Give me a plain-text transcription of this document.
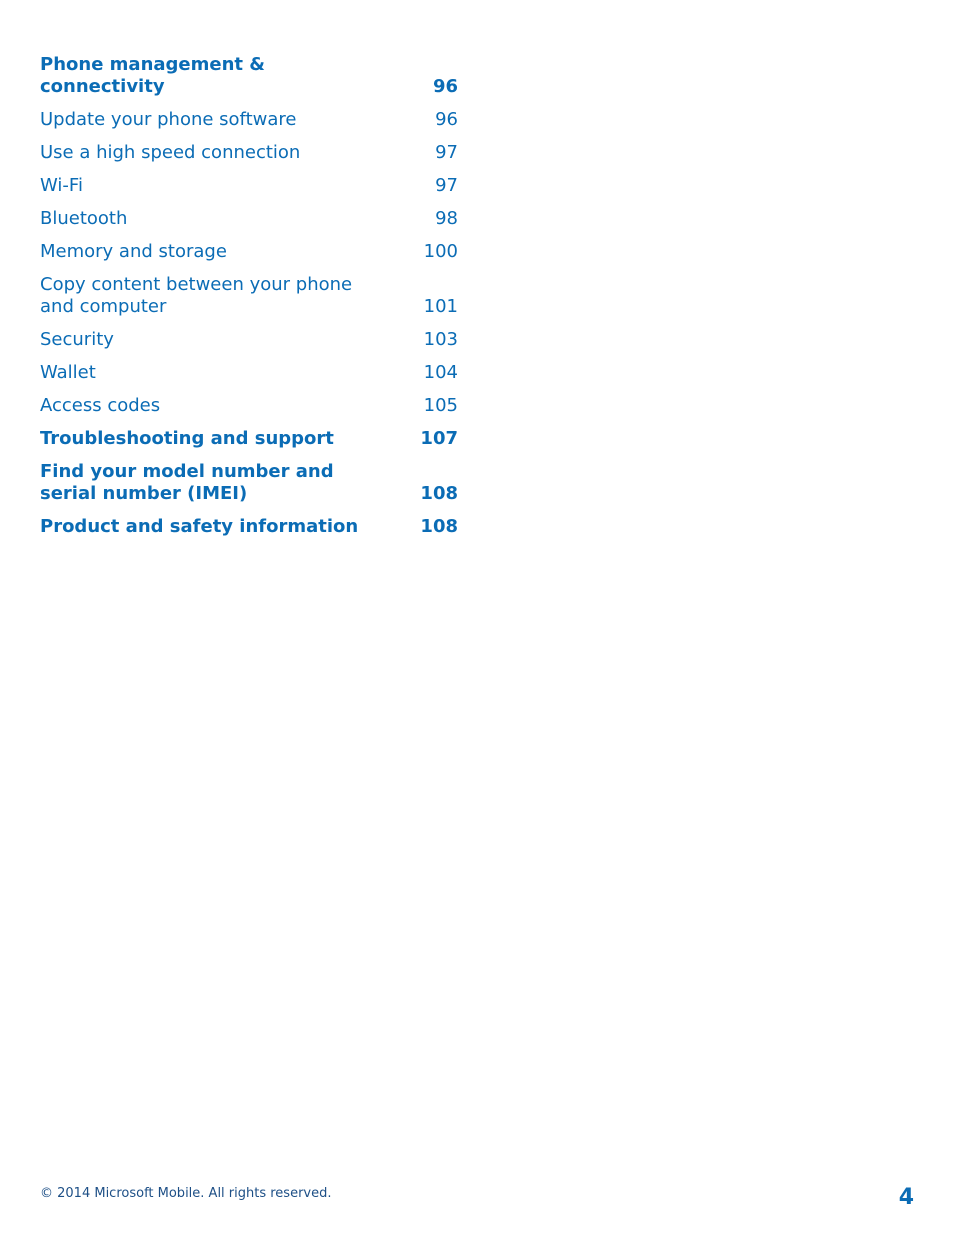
Phone management & connectivity	96
Update your phone software	96
Use a high speed connection	97
Wi-Fi	97
Bluetooth	98
Memory and storage	100
Copy content between your phone and computer	101
Security	103
Wallet	104
Access codes	105
Troubleshooting and support	107
Find your model number and serial number (IMEI)	108
Product and safety information	108
© 2014 Microsoft Mobile. All rights reserved.	4
